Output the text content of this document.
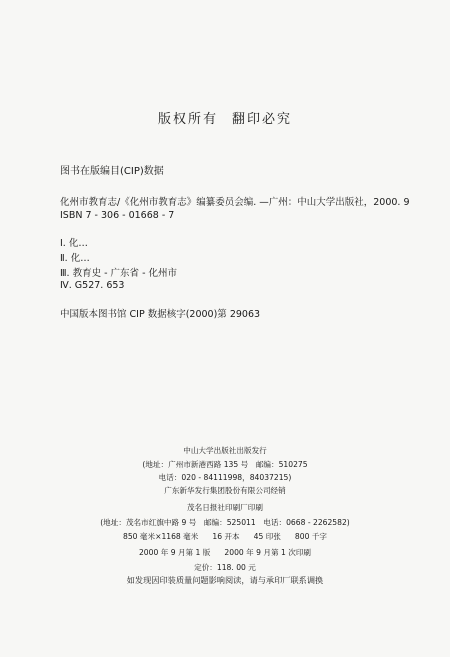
版权所有 翻印必究
图书在版编目(CIP)数据
化州市教育志/《化州市教育志》编纂委员会编. —广州：中山大学出版社，2000. 9
ISBN 7 - 306 - 01668 - 7
Ⅰ. 化…
Ⅱ. 化…
Ⅲ. 教育史 - 广东省 - 化州市
Ⅳ. G527. 653
中国版本图书馆 CIP 数据核字(2000)第 29063
中山大学出版社出版发行
(地址：广州市新港西路 135 号　邮编：510275
电话：020 - 84111998，84037215)
广东新华发行集团股份有限公司经销
茂名日报社印刷厂印刷
(地址：茂名市红旗中路 9 号　邮编：525011　电话：0668 - 2262582)
850 毫米×1168 毫米 16 开本 45 印张 800 千字
2000 年 9 月第 1 版 2000 年 9 月第 1 次印刷
定价：118. 00 元
如发现因印装质量问题影响阅读，请与承印厂联系调换
